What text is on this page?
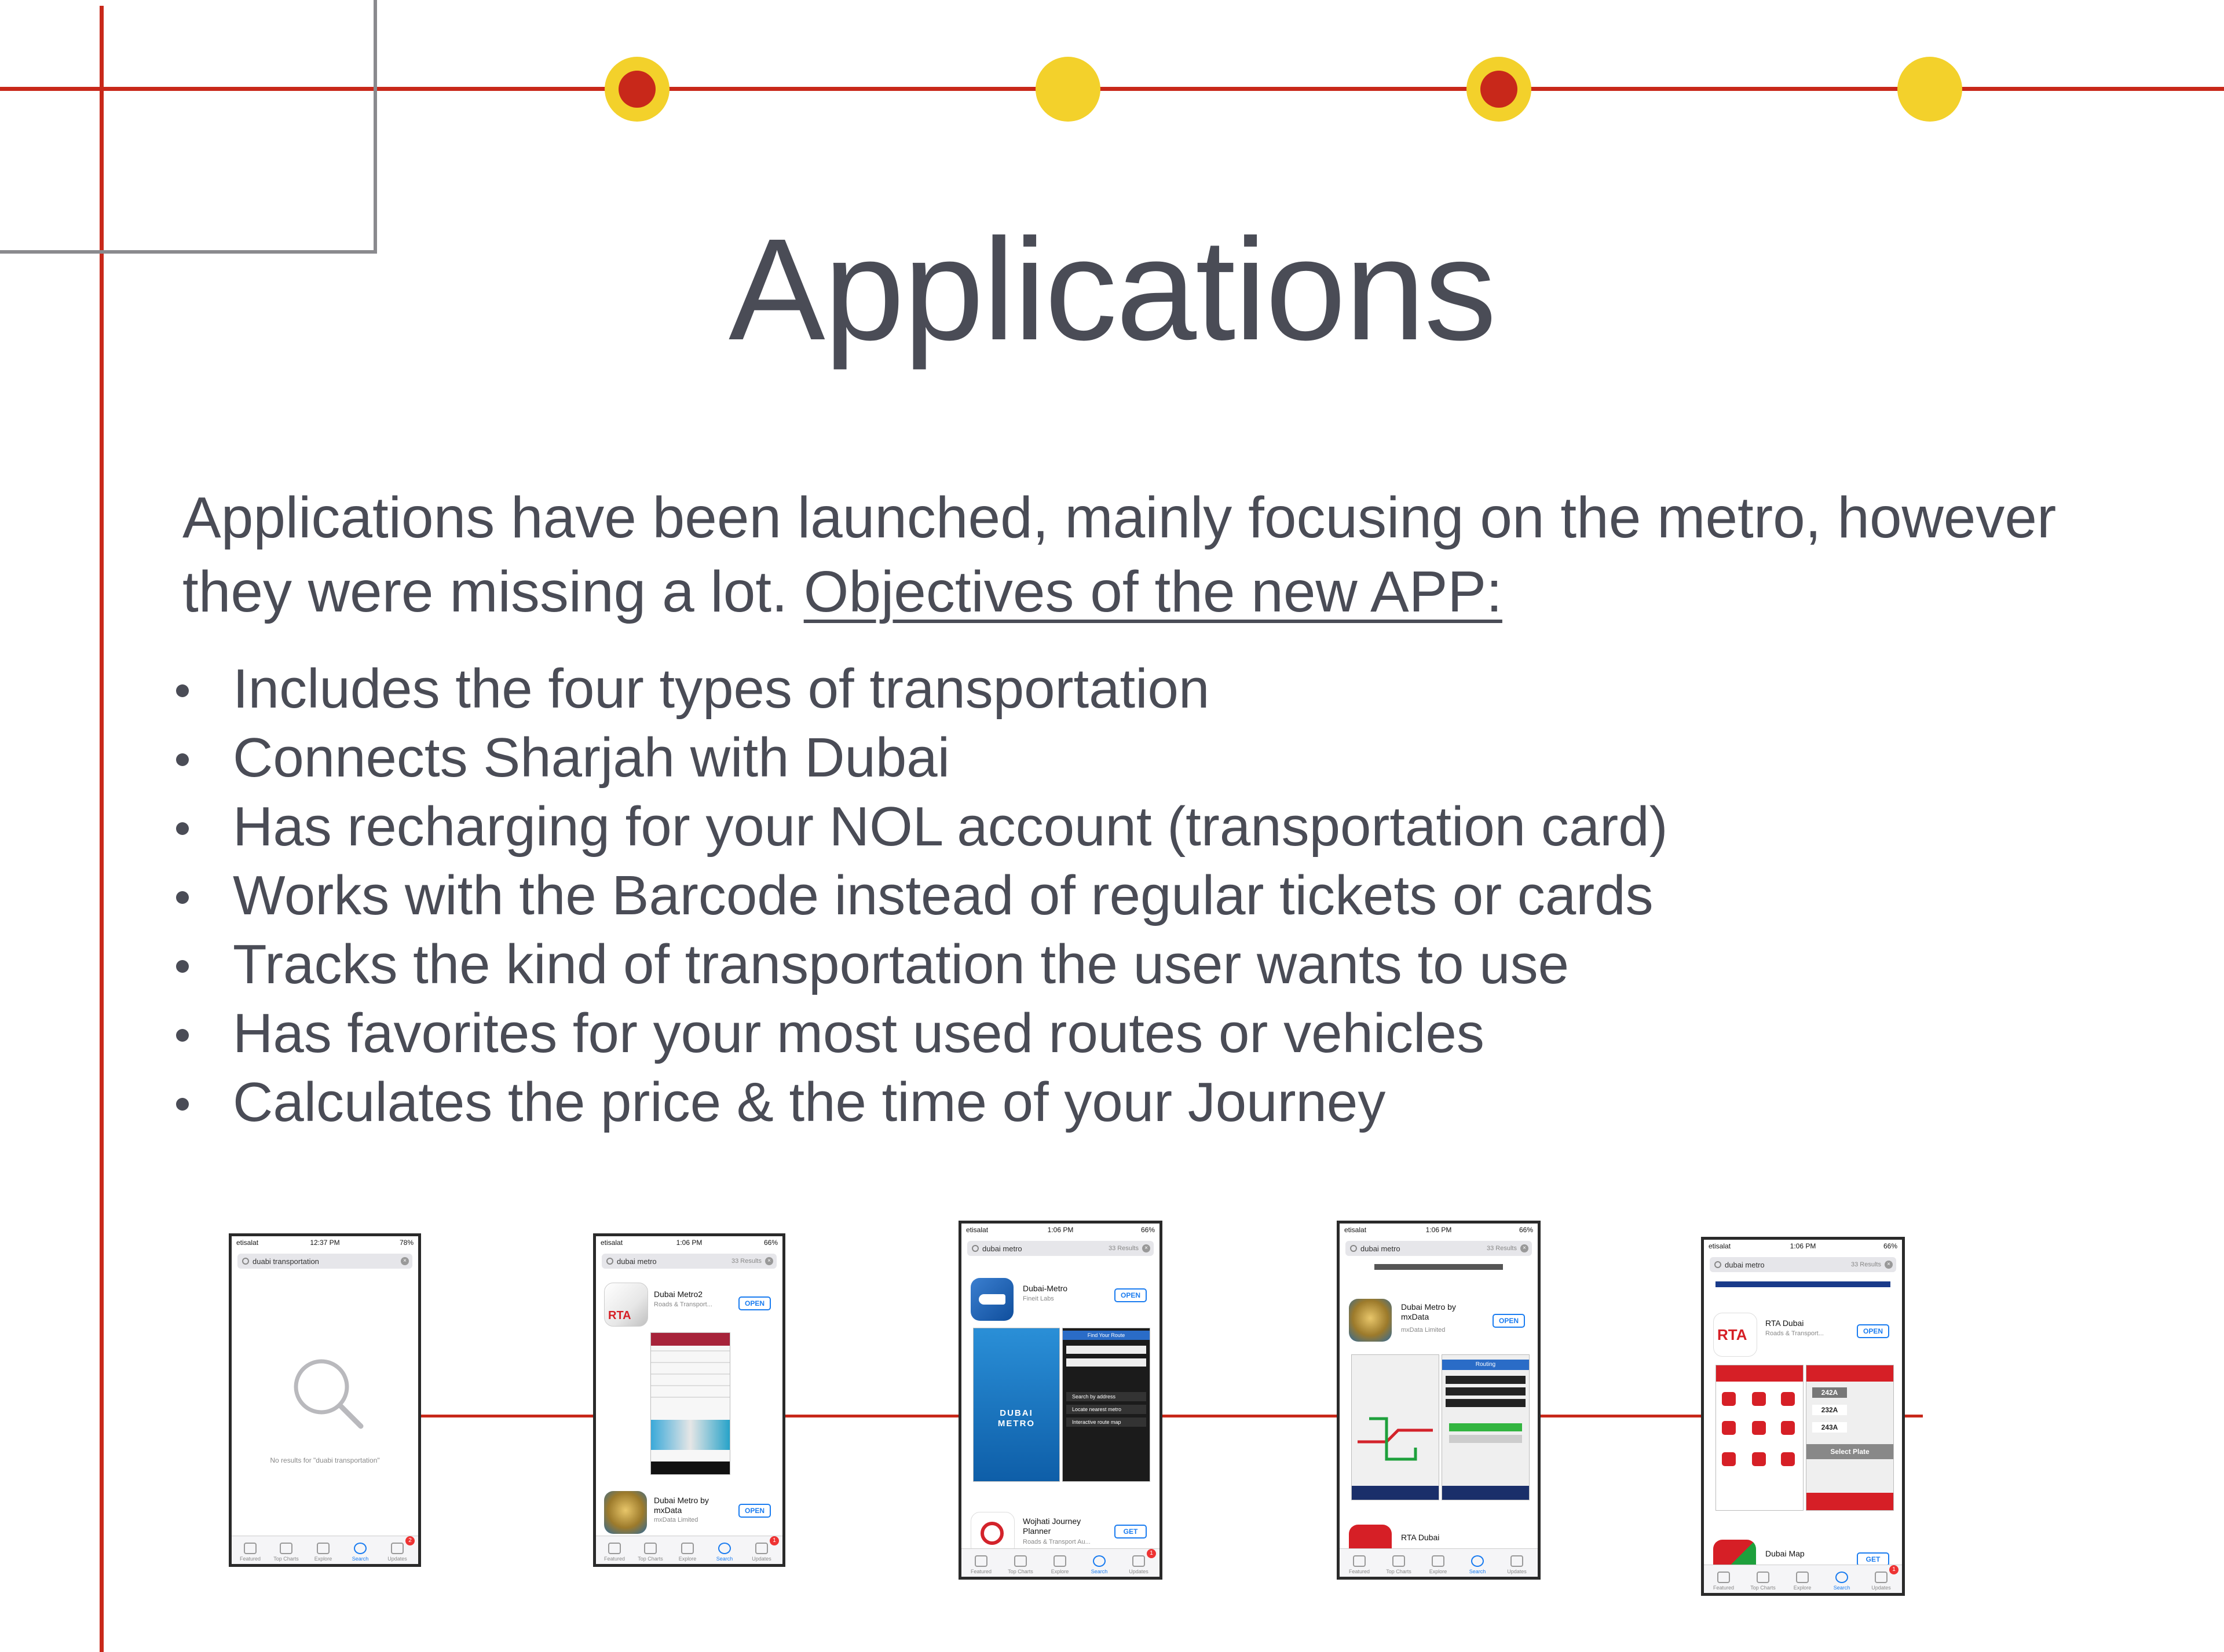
Applications
Applications have been launched, mainly focusing on the metro, however they were missing a lot. Objectives of the new APP:
Includes the four types of transportation
Connects Sharjah with Dubai
Has recharging for your NOL account (transportation card)
Works with the Barcode instead of regular tickets or cards
Tracks the kind of transportation the user wants to use
Has favorites for your most used routes or vehicles
Calculates the price & the time of your Journey
etisalat	12:37 PM	78%
duabi transportation	×
No results for "duabi transportation"
Featured	Top Charts	Explore	Search	Updates
2
etisalat	1:06 PM	66%
dubai metro	33 Results	×
RTA
Dubai Metro2
Roads & Transport...	OPEN
Dubai Metro by mxData
mxData Limited
OPEN
Featured	Top Charts	Explore	Search	Updates
1
etisalat	1:06 PM	66%
dubai metro	33 Results	×
Dubai-Metro
Fineit Labs	OPEN
DUBAI METRO
Find Your Route
Search by address
Locate nearest metro
Interactive route map
Wojhati Journey Planner
Roads & Transport Au...
GET
Featured	Top Charts	Explore	Search	Updates
1
etisalat	1:06 PM	66%
dubai metro	33 Results	×
Dubai Metro by mxData
mxData Limited
OPEN
Routing
RTA Dubai
Featured	Top Charts	Explore	Search	Updates
etisalat	1:06 PM	66%
dubai metro	33 Results	×
RTA
RTA Dubai
Roads & Transport...	OPEN
242A
232A
243A
Select Plate
Dubai Map
GET
Featured	Top Charts	Explore	Search	Updates
1
